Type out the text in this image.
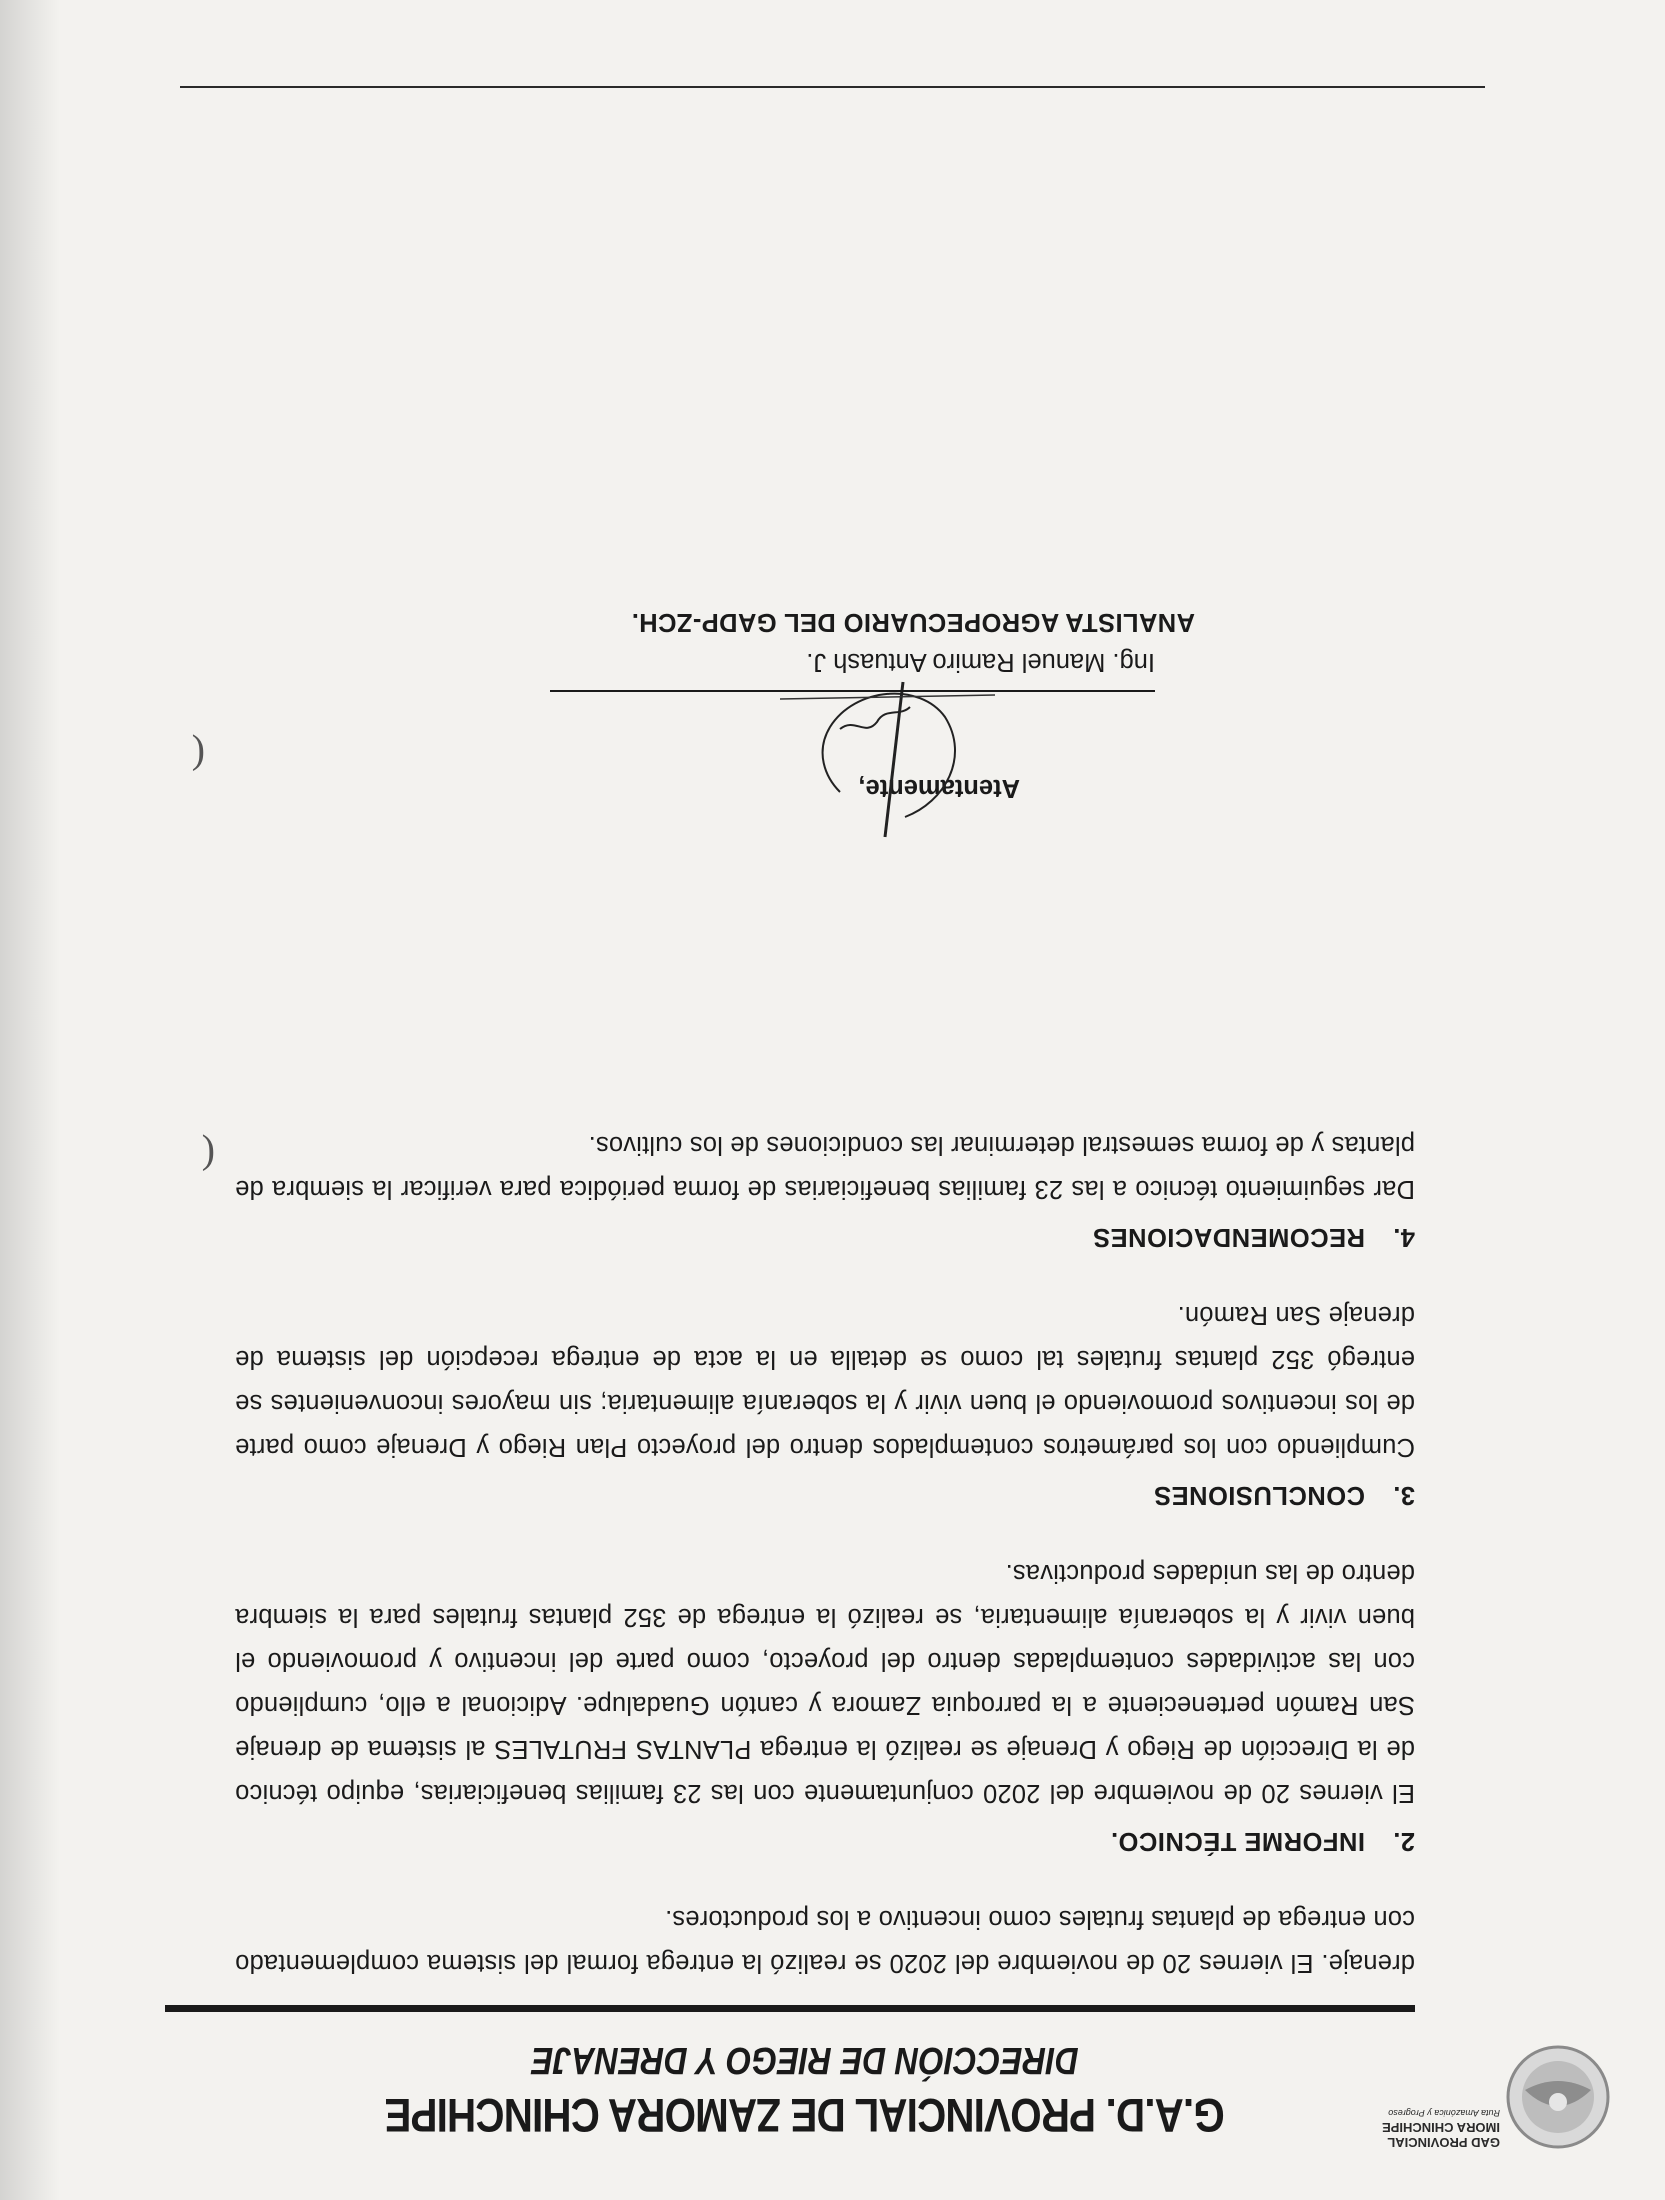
GAD PROVINCIAL
IMORA CHINCHIPE
Ruta Amazónica y Progreso
G.A.D. PROVINCIAL DE ZAMORA CHINCHIPE
DIRECCIÓN DE RIEGO Y DRENAJE

drenaje. El viernes 20 de noviembre del 2020 se realizó la entrega formal del sistema complementado con entrega de plantas frutales como incentivo a los productores.

2.INFORME TÉCNICO.

El viernes 20 de noviembre del 2020 conjuntamente con las 23 familias beneficiarias, equipo técnico de la Dirección de Riego y Drenaje se realizó la entrega PLANTAS FRUTALES al sistema de drenaje San Ramón perteneciente a la parroquia Zamora y cantón Guadalupe. Adicional a ello, cumpliendo con las actividades contempladas dentro del proyecto, como parte del incentivo y promoviendo el buen vivir y la soberanía alimentaria, se realizó la entrega de 352 plantas frutales para la siembra dentro de las unidades productivas.

3.CONCLUSIONES

Cumpliendo con los parámetros contemplados dentro del proyecto Plan Riego y Drenaje como parte de los incentivos promoviendo el buen vivir y la soberanía alimentaria; sin mayores inconvenientes se entregó 352 plantas frutales tal como se detalla en la acta de entrega recepción del sistema de drenaje San Ramón.

4.RECOMENDACIONES

Dar seguimiento técnico a las 23 familias beneficiarias de forma periódica para verificar la siembra de plantas y de forma semestral determinar las condiciones de los cultivos.

Atentamente,
Ing. Manuel Ramiro Antuash J.
ANALISTA AGROPECUARIO DEL GADP-ZCH.
(
(
